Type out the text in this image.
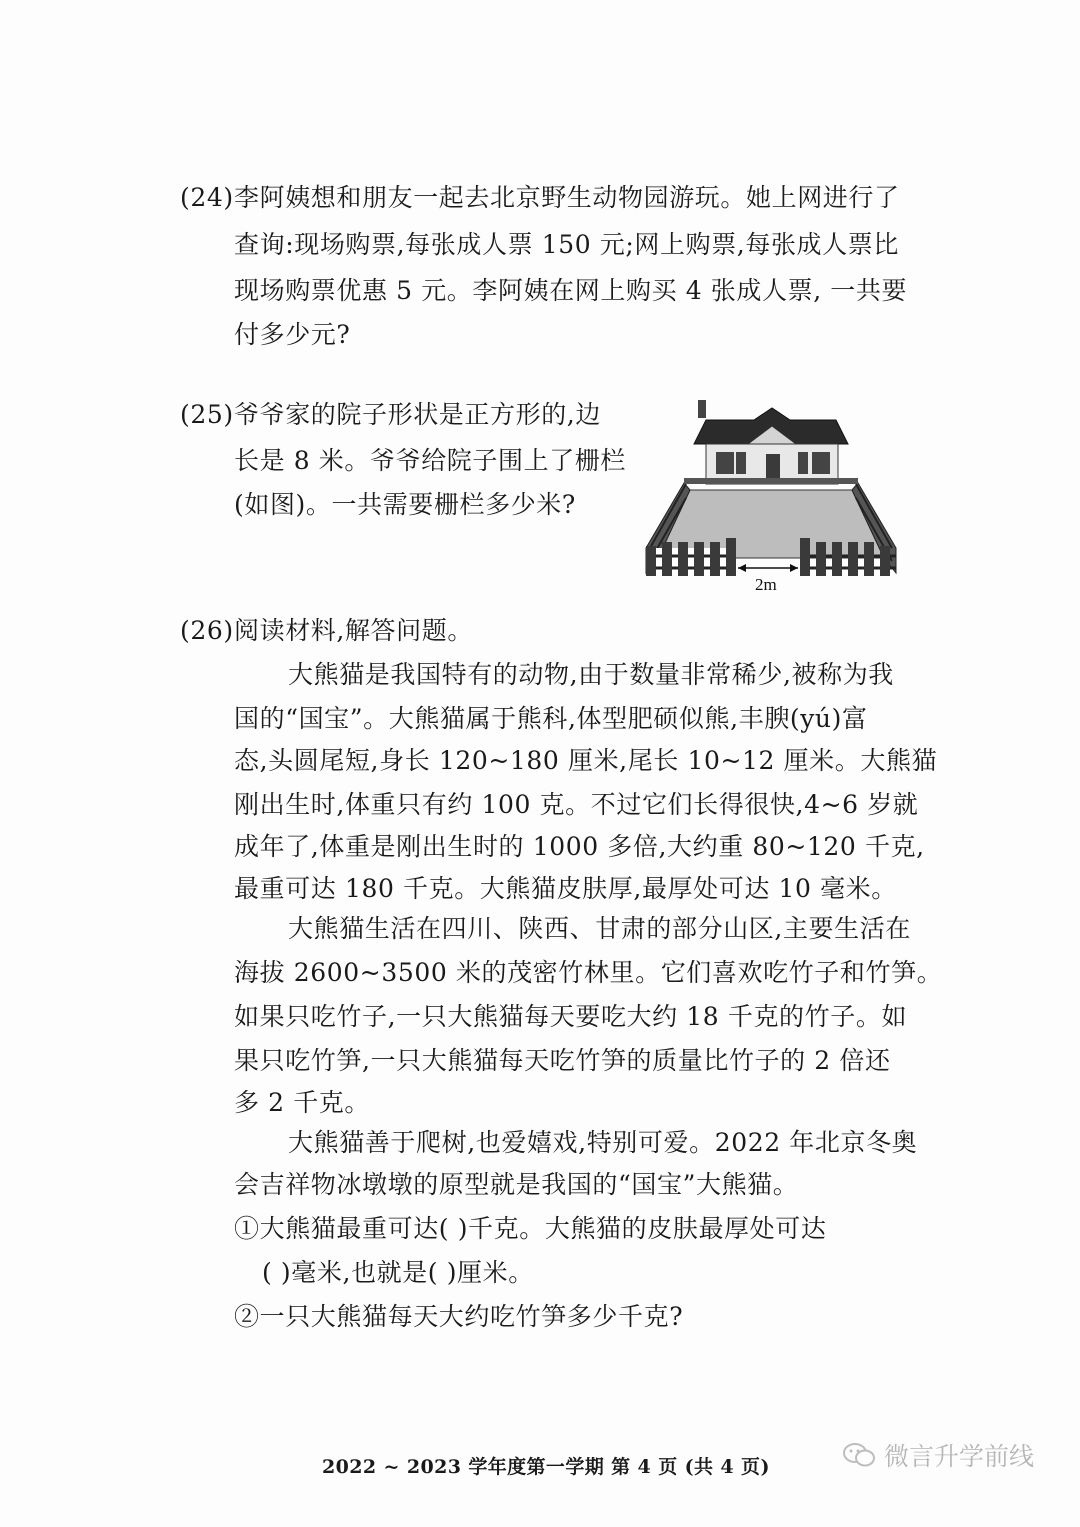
(24)李阿姨想和朋友一起去北京野生动物园游玩。她上网进行了
查询:现场购票,每张成人票 150 元;网上购票,每张成人票比
现场购票优惠 5 元。李阿姨在网上购买 4 张成人票, 一共要
付多少元?
(25)爷爷家的院子形状是正方形的,边
长是 8 米。爷爷给院子围上了栅栏
(如图)。一共需要栅栏多少米?
2m
(26)阅读材料,解答问题。
大熊猫是我国特有的动物,由于数量非常稀少,被称为我
国的“国宝”。大熊猫属于熊科,体型肥硕似熊,丰腴(yú)富
态,头圆尾短,身长 120~180 厘米,尾长 10~12 厘米。大熊猫
刚出生时,体重只有约 100 克。不过它们长得很快,4~6 岁就
成年了,体重是刚出生时的 1000 多倍,大约重 80~120 千克,
最重可达 180 千克。大熊猫皮肤厚,最厚处可达 10 毫米。
大熊猫生活在四川、陕西、甘肃的部分山区,主要生活在
海拔 2600~3500 米的茂密竹林里。它们喜欢吃竹子和竹笋。
如果只吃竹子,一只大熊猫每天要吃大约 18 千克的竹子。如
果只吃竹笋,一只大熊猫每天吃竹笋的质量比竹子的 2 倍还
多 2 千克。
大熊猫善于爬树,也爱嬉戏,特别可爱。2022 年北京冬奥
会吉祥物冰墩墩的原型就是我国的“国宝”大熊猫。
①大熊猫最重可达( )千克。大熊猫的皮肤最厚处可达
( )毫米,也就是( )厘米。
②一只大熊猫每天大约吃竹笋多少千克?
2022 ~ 2023 学年度第一学期 第 4 页 (共 4 页)	微言升学前线
